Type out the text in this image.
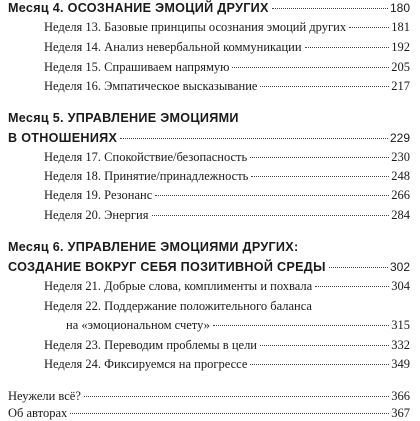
Месяц 4. ОСОЗНАНИЕ ЭМОЦИЙ ДРУГИХ	180
Неделя 13. Базовые принципы осознания эмоций других	181
Неделя 14. Анализ невербальной коммуникации	192
Неделя 15. Спрашиваем напрямую	205
Неделя 16. Эмпатическое высказывание	217
Месяц 5. УПРАВЛЕНИЕ ЭМОЦИЯМИ
В ОТНОШЕНИЯХ	229
Неделя 17. Спокойствие/безопасность	230
Неделя 18. Принятие/принадлежность	248
Неделя 19. Резонанс	266
Неделя 20. Энергия	284
Месяц 6. УПРАВЛЕНИЕ ЭМОЦИЯМИ ДРУГИХ:
СОЗДАНИЕ ВОКРУГ СЕБЯ ПОЗИТИВНОЙ СРЕДЫ	302
Неделя 21. Добрые слова, комплименты и похвала	304
Неделя 22. Поддержание положительного баланса
на «эмоциональном счету»	315
Неделя 23. Переводим проблемы в цели	332
Неделя 24. Фиксируемся на прогрессе	349
Неужели всё?	366
Об авторах	367
